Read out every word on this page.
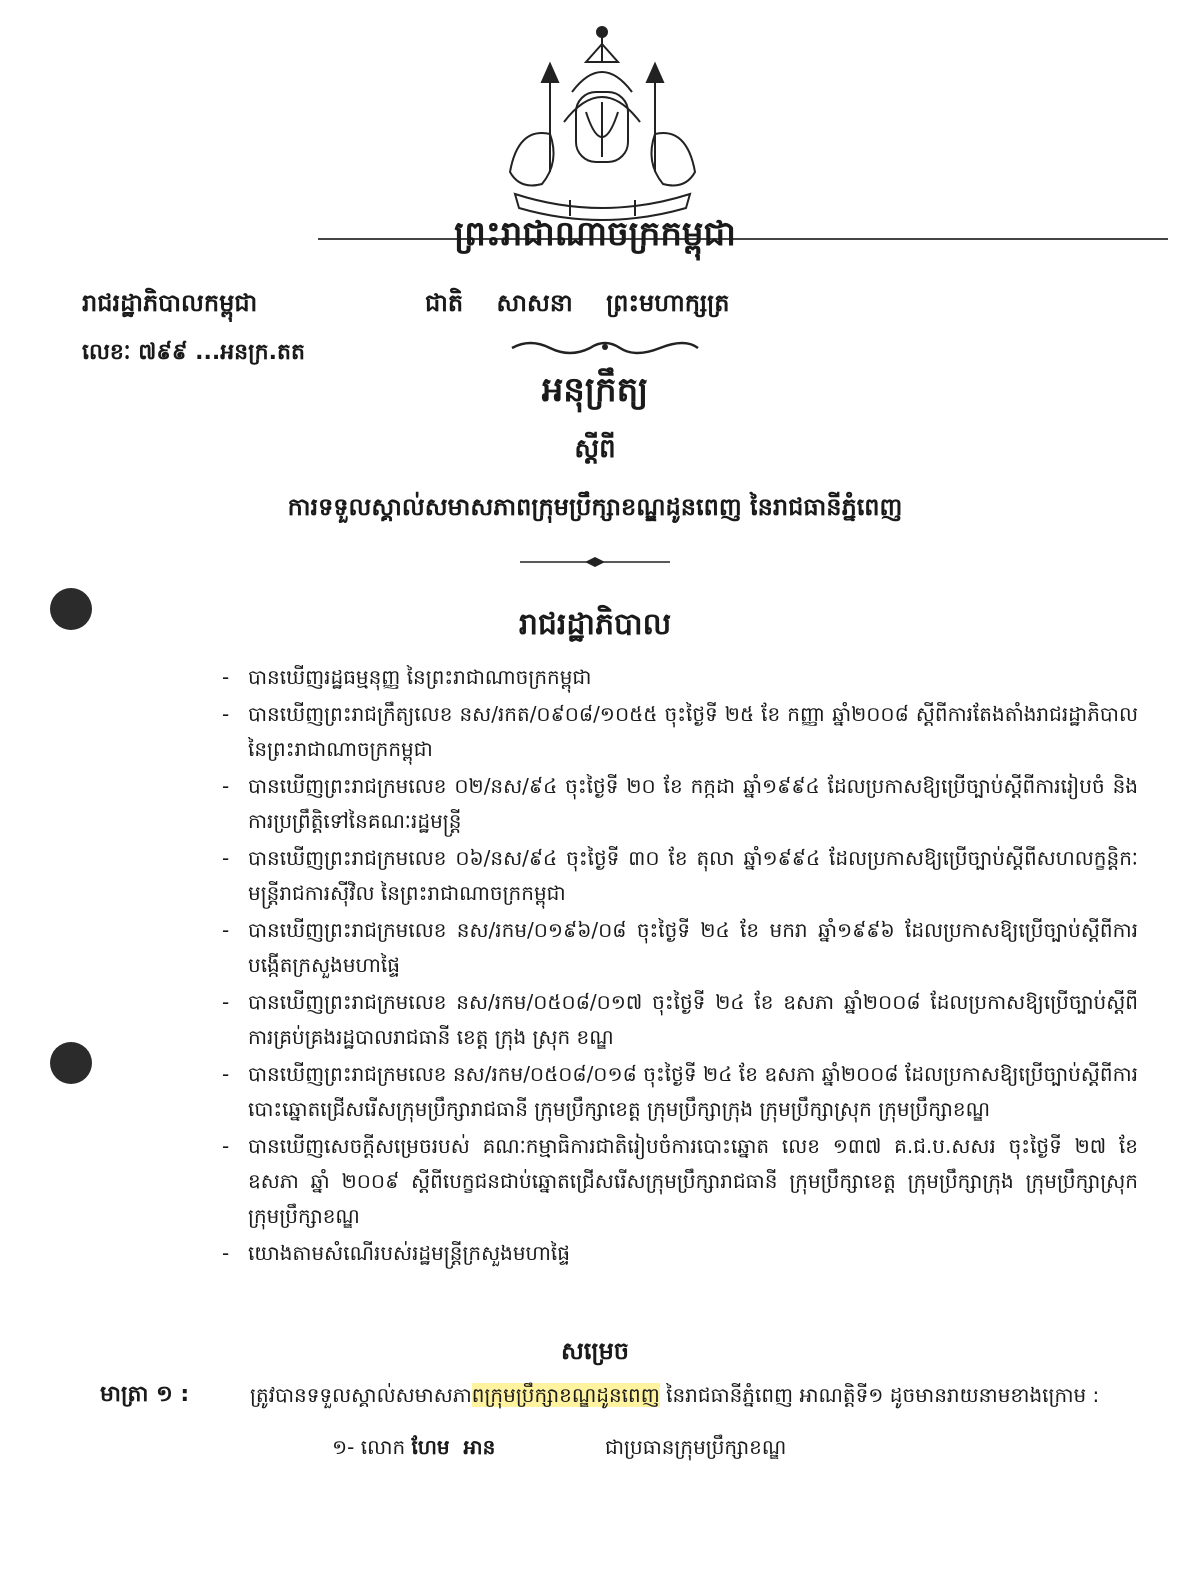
ព្រះរាជាណាចក្រកម្ពុជា
រាជរដ្ឋាភិបាលកម្ពុជា	ជាតិ សាសនា ព្រះមហាក្សត្រ
លេខៈ ៧៩៩ ...អនក្រ.តត
អនុក្រឹត្យ
ស្តីពី
ការទទួលស្គាល់សមាសភាពក្រុមប្រឹក្សាខណ្ឌដូនពេញ នៃរាជធានីភ្នំពេញ
រាជរដ្ឋាភិបាល
- បានឃើញរដ្ឋធម្មនុញ្ញ នៃព្រះរាជាណាចក្រកម្ពុជា
- បានឃើញព្រះរាជក្រឹត្យលេខ នស/រកត/០៩០៨/១០៥៥ ចុះថ្ងៃទី ២៥ ខែ កញ្ញា ឆ្នាំ២០០៨ ស្តីពីការតែងតាំងរាជរដ្ឋាភិបាល នៃព្រះរាជាណាចក្រកម្ពុជា
- បានឃើញព្រះរាជក្រមលេខ ០២/នស/៩៤ ចុះថ្ងៃទី ២០ ខែ កក្កដា ឆ្នាំ១៩៩៤ ដែលប្រកាសឱ្យប្រើច្បាប់ស្តីពីការរៀបចំ និងការប្រព្រឹត្តិទៅនៃគណៈរដ្ឋមន្ត្រី
- បានឃើញព្រះរាជក្រមលេខ ០៦/នស/៩៤ ចុះថ្ងៃទី ៣០ ខែ តុលា ឆ្នាំ១៩៩៤ ដែលប្រកាសឱ្យប្រើច្បាប់ស្តីពីសហលក្ខន្តិកៈមន្ត្រីរាជការស៊ីវិល នៃព្រះរាជាណាចក្រកម្ពុជា
- បានឃើញព្រះរាជក្រមលេខ នស/រកម/០១៩៦/០៨ ចុះថ្ងៃទី ២៤ ខែ មករា ឆ្នាំ១៩៩៦ ដែលប្រកាសឱ្យប្រើច្បាប់ស្តីពីការបង្កើតក្រសួងមហាផ្ទៃ
- បានឃើញព្រះរាជក្រមលេខ នស/រកម/០៥០៨/០១៧ ចុះថ្ងៃទី ២៤ ខែ ឧសភា ឆ្នាំ២០០៨ ដែលប្រកាសឱ្យប្រើច្បាប់ស្តីពីការគ្រប់គ្រងរដ្ឋបាលរាជធានី ខេត្ត ក្រុង ស្រុក ខណ្ឌ
- បានឃើញព្រះរាជក្រមលេខ នស/រកម/០៥០៨/០១៨ ចុះថ្ងៃទី ២៤ ខែ ឧសភា ឆ្នាំ២០០៨ ដែលប្រកាសឱ្យប្រើច្បាប់ស្តីពីការបោះឆ្នោតជ្រើសរើសក្រុមប្រឹក្សារាជធានី ក្រុមប្រឹក្សាខេត្ត ក្រុមប្រឹក្សាក្រុង ក្រុមប្រឹក្សាស្រុក ក្រុមប្រឹក្សាខណ្ឌ
- បានឃើញសេចក្តីសម្រេចរបស់ គណៈកម្មាធិការជាតិរៀបចំការបោះឆ្នោត លេខ ១៣៧ គ.ជ.ប.សសរ ចុះថ្ងៃទី ២៧ ខែ ឧសភា ឆ្នាំ ២០០៩ ស្តីពីបេក្ខជនជាប់ឆ្នោតជ្រើសរើសក្រុមប្រឹក្សារាជធានី ក្រុមប្រឹក្សាខេត្ត ក្រុមប្រឹក្សាក្រុង ក្រុមប្រឹក្សាស្រុក ក្រុមប្រឹក្សាខណ្ឌ
- យោងតាមសំណើរបស់រដ្ឋមន្ត្រីក្រសួងមហាផ្ទៃ
សម្រេច
មាត្រា ១ :	ត្រូវបានទទួលស្គាល់សមាសភាពក្រុមប្រឹក្សាខណ្ឌដូនពេញ នៃរាជធានីភ្នំពេញ អាណត្តិទី១ ដូចមានរាយនាមខាងក្រោម :
១- លោក ហែម  អាន	ជាប្រធានក្រុមប្រឹក្សាខណ្ឌ
